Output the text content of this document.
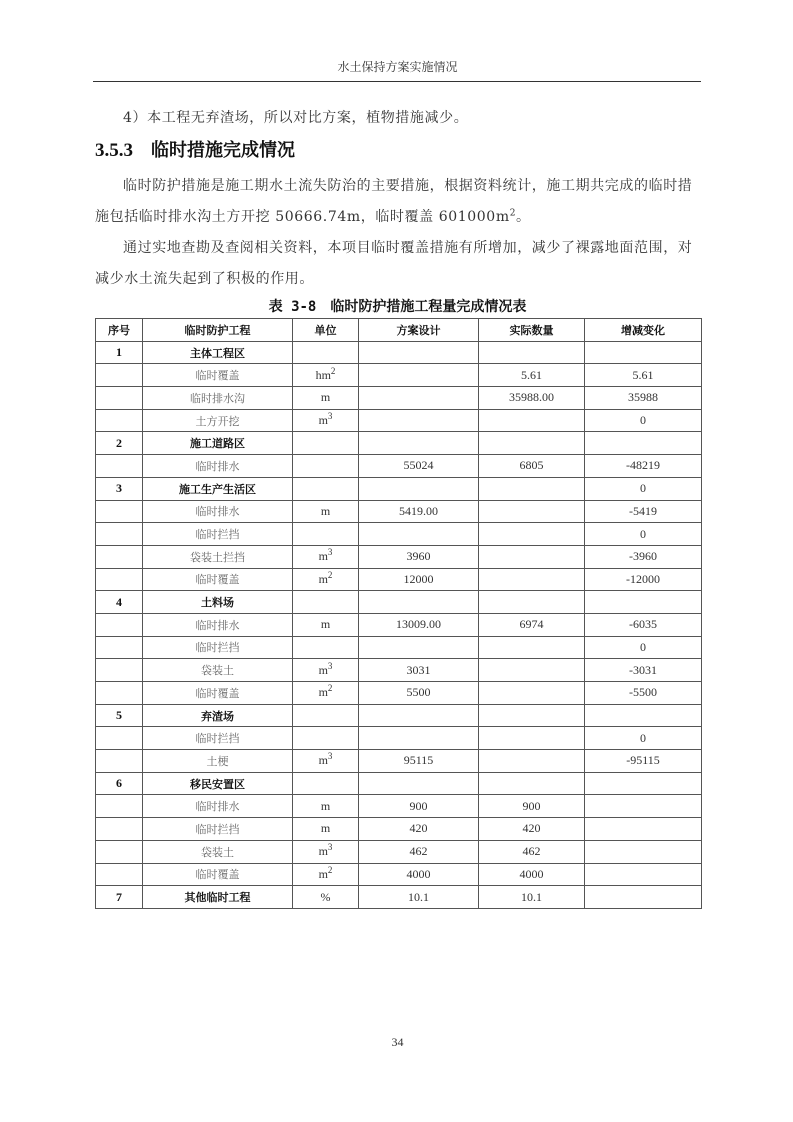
水土保持方案实施情况
4）本工程无弃渣场，所以对比方案，植物措施减少。
3.5.3 临时措施完成情况
临时防护措施是施工期水土流失防治的主要措施，根据资料统计，施工期共完成的临时措施包括临时排水沟土方开挖 50666.74m，临时覆盖 $601000m^2$。
通过实地查勘及查阅相关资料，本项目临时覆盖措施有所增加，减少了裸露地面范围，对减少水土流失起到了积极的作用。
表 3-8 临时防护措施工程量完成情况表
序号	临时防护工程	单位	方案设计	实际数量	增减变化
1	主体工程区				
	临时覆盖	$hm^2$		5.61	5.61
	临时排水沟	m		35988.00	35988
	土方开挖	$m^3$			0
2	施工道路区				
	临时排水		55024	6805	-48219
3	施工生产生活区				0
	临时排水	m	5419.00		-5419
	临时拦挡				0
	袋装土拦挡	$m^3$	3960		-3960
	临时覆盖	$m^2$	12000		-12000
4	土料场				
	临时排水	m	13009.00	6974	-6035
	临时拦挡				0
	袋装土	$m^3$	3031		-3031
	临时覆盖	$m^2$	5500		-5500
5	弃渣场				
	临时拦挡				0
	土梗	$m^3$	95115		-95115
6	移民安置区				
	临时排水	m	900	900	
	临时拦挡	m	420	420	
	袋装土	$m^3$	462	462	
	临时覆盖	$m^2$	4000	4000	
7	其他临时工程	%	10.1	10.1	
34
